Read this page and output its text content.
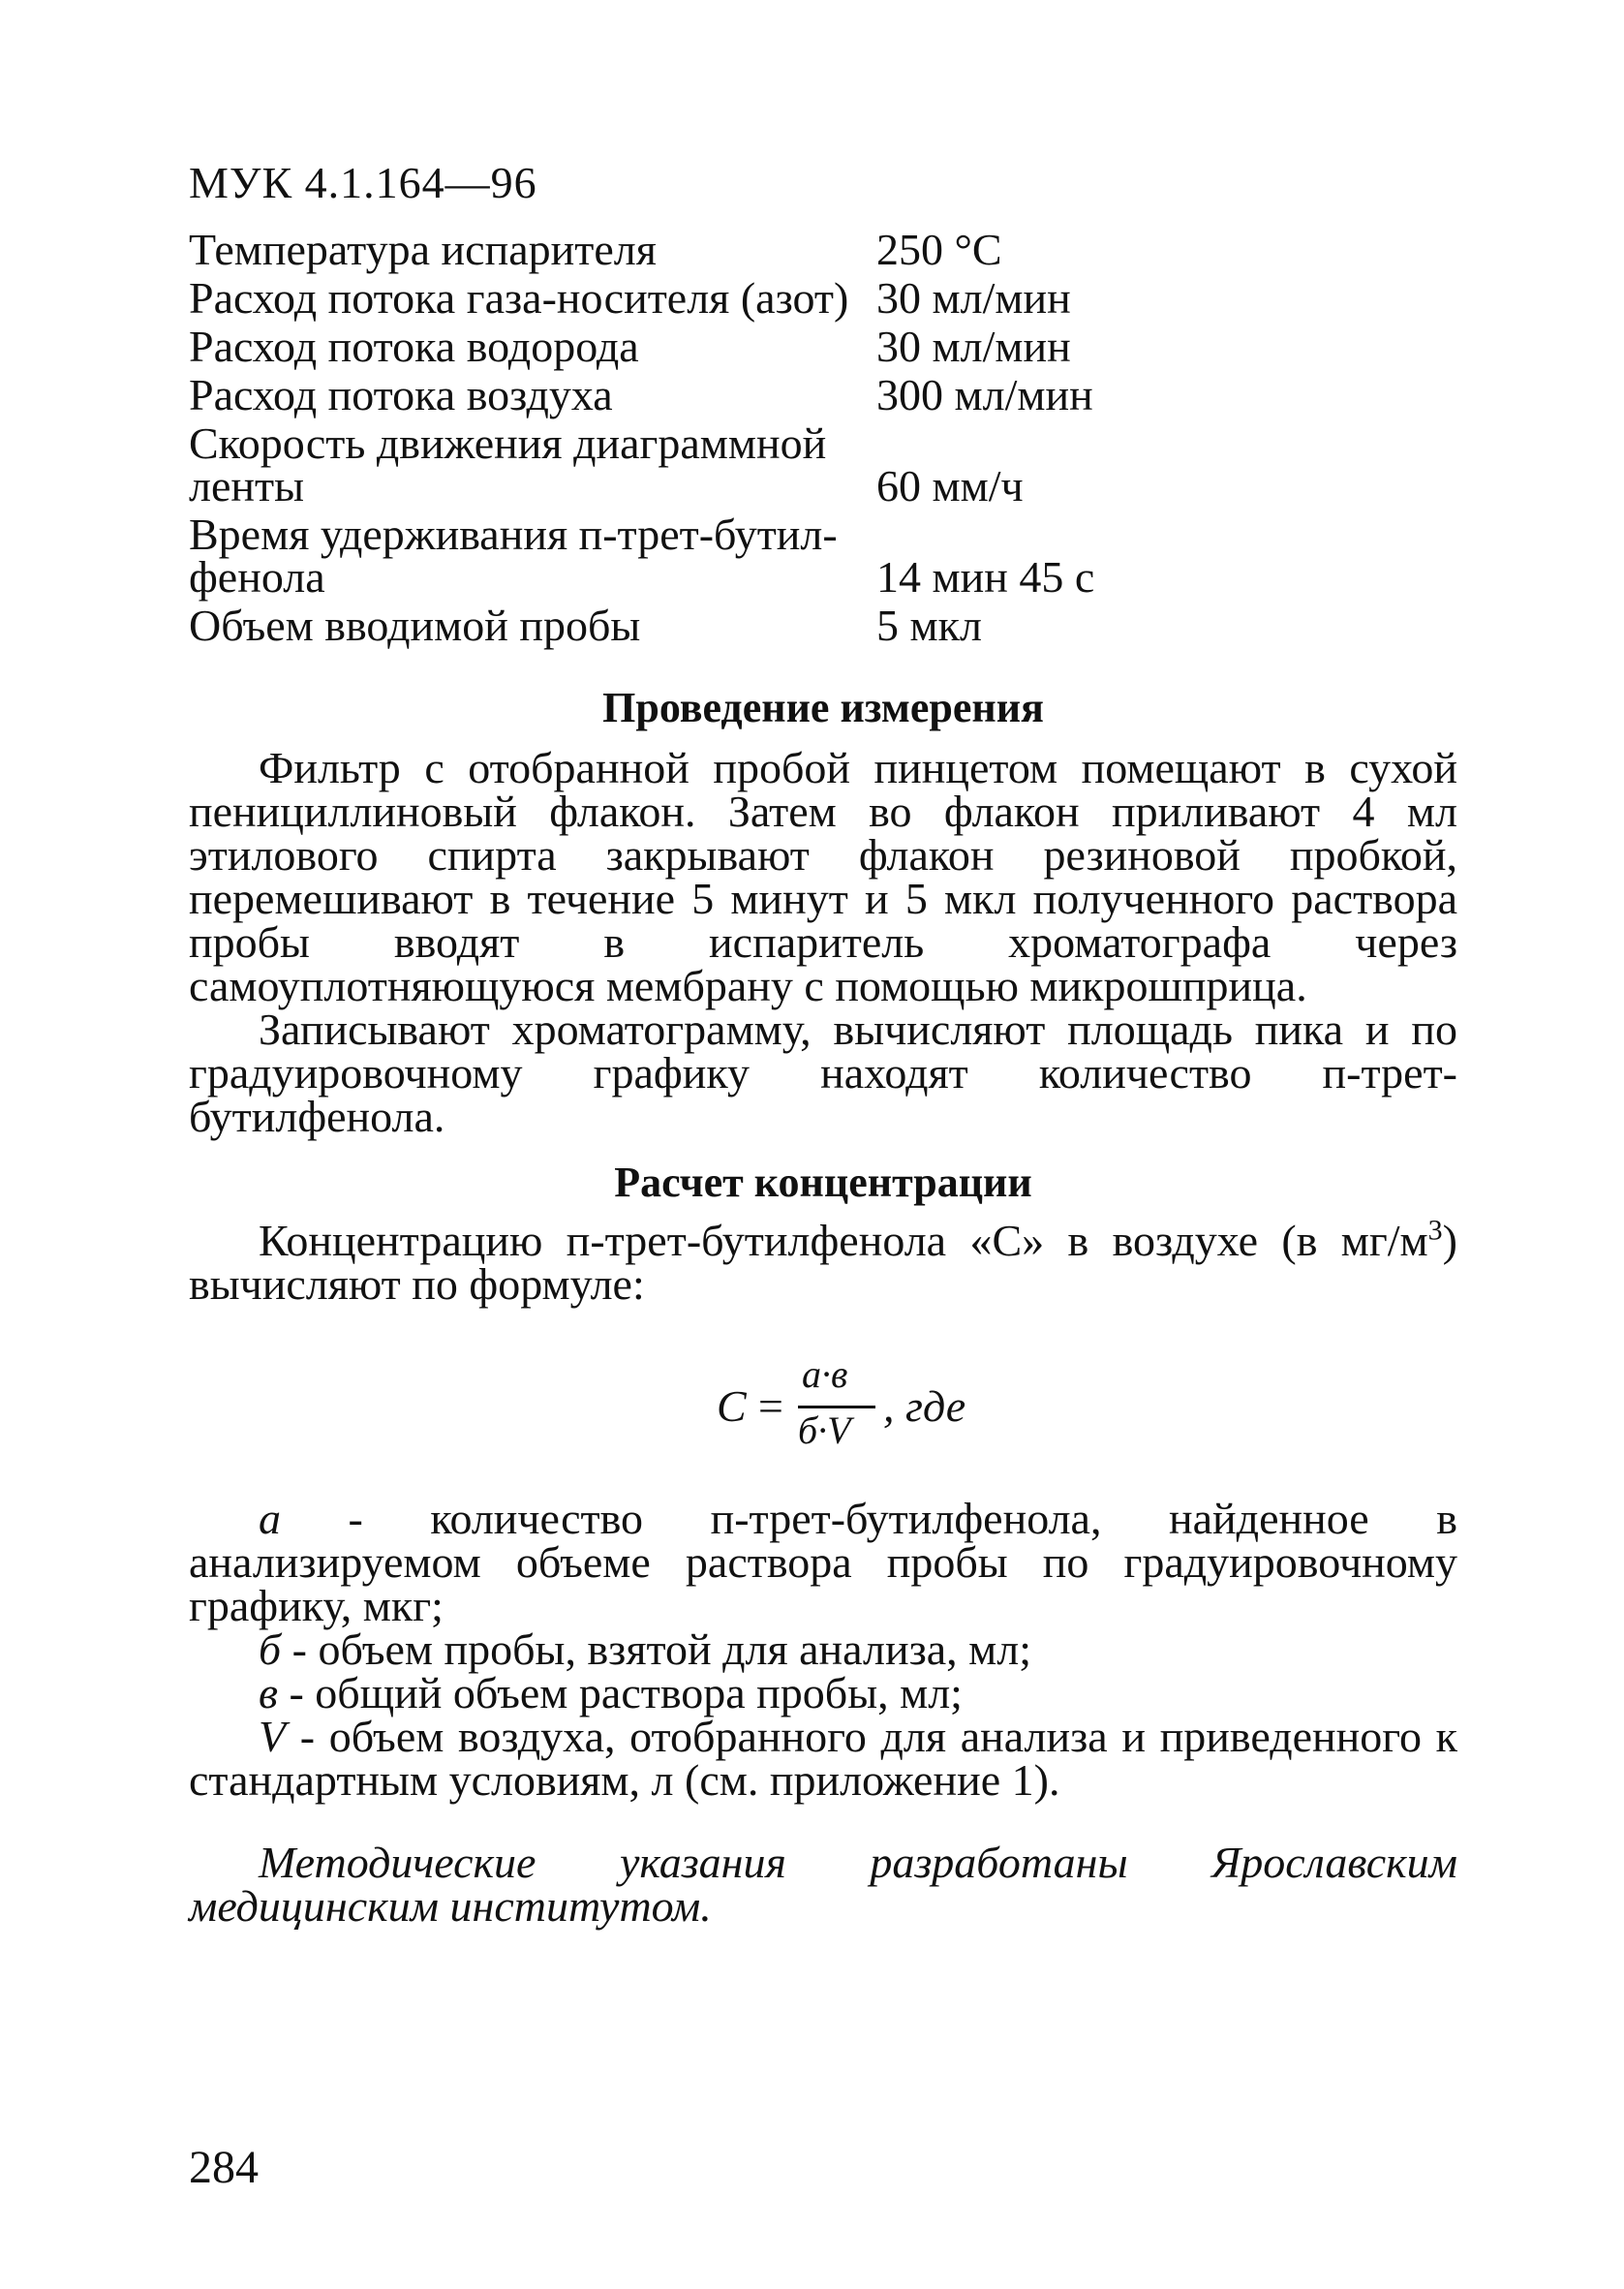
МУК 4.1.164—96
Температура испарителя	250 °С
Расход потока газа-носителя (азот) 30 мл/мин
Расход потока водорода	30 мл/мин
Расход потока воздуха	300 мл/мин
Скорость движения диаграммной ленты	60 мм/ч
Время удерживания п-трет-бутил-фенола	14 мин 45 с
Объем вводимой пробы	5 мкл
Проведение измерения
Фильтр с отобранной пробой пинцетом помещают в сухой пенициллиновый флакон. Затем во флакон приливают 4 мл этилового спирта закрывают флакон резиновой пробкой, перемешивают в течение 5 минут и 5 мкл полученного раствора пробы вводят в испаритель хроматографа через самоуплотняющуюся мембрану с помощью микрошприца.
Записывают хроматограмму, вычисляют площадь пика и по градуировочному графику находят количество п-трет-бутилфенола.
Расчет концентрации
Концентрацию п-трет-бутилфенола «С» в воздухе (в $мг/м^3$) вычисляют по формуле:
С =
а·в
б·V , где
а - количество п-трет-бутилфенола, найденное в анализируемом объеме раствора пробы по градуировочному графику, мкг;
б - объем пробы, взятой для анализа, мл;
в - общий объем раствора пробы, мл;
V - объем воздуха, отобранного для анализа и приведенного к стандартным условиям, л (см. приложение 1).
Методические указания разработаны Ярославским медицинским институтом.
284
